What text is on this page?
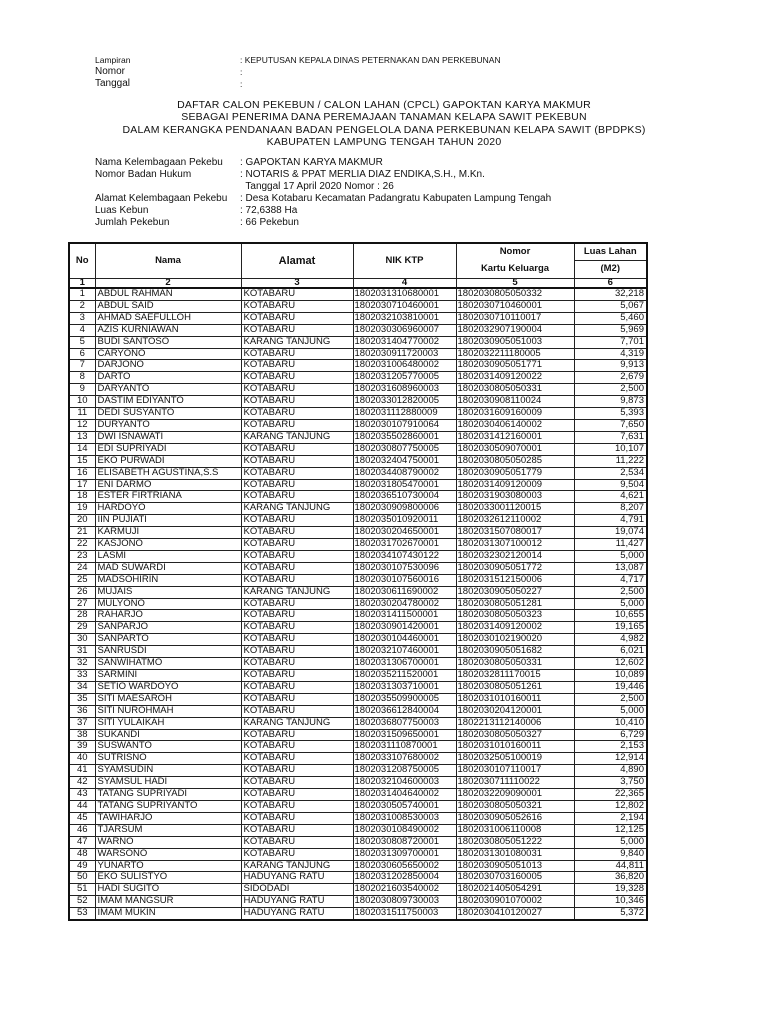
Lampiran	: KEPUTUSAN KEPALA DINAS PETERNAKAN DAN PERKEBUNAN
Nomor	:
Tanggal	:
DAFTAR CALON PEKEBUN / CALON LAHAN (CPCL) GAPOKTAN KARYA MAKMUR
SEBAGAI PENERIMA DANA PEREMAJAAN TANAMAN KELAPA SAWIT PEKEBUN
DALAM KERANGKA PENDANAAN BADAN PENGELOLA DANA PERKEBUNAN KELAPA SAWIT (BPDPKS)
KABUPATEN LAMPUNG TENGAH TAHUN 2020
Nama Kelembagaan Pekebu	: GAPOKTAN KARYA MAKMUR
Nomor Badan Hukum	: NOTARIS & PPAT MERLIA DIAZ ENDIKA,S.H., M.Kn.
Tanggal 17 April 2020 Nomor : 26
Alamat Kelembagaan Pekebu	: Desa Kotabaru Kecamatan Padangratu Kabupaten Lampung Tengah
Luas Kebun	: 72,6388 Ha
Jumlah Pekebun	: 66 Pekebun
No	Nama	Alamat	NIK KTP	Nomor	Luas Lahan
				Kartu Keluarga	(M2)
1	2	3	4	5	6
1	ABDUL RAHMAN	KOTABARU	1802031310680001	1802030805050332	32,218
2	ABDUL SAID	KOTABARU	1802030710460001	1802030710460001	5,067
3	AHMAD SAEFULLOH	KOTABARU	1802032103810001	1802030710110017	5,460
4	AZIS KURNIAWAN	KOTABARU	1802030306960007	1802032907190004	5,969
5	BUDI SANTOSO	KARANG TANJUNG	1802031404770002	1802030905051003	7,701
6	CARYONO	KOTABARU	1802030911720003	1802032211180005	4,319
7	DARJONO	KOTABARU	1802031006480002	1802030905051771	9,913
8	DARTO	KOTABARU	1802031205770005	1802031409120022	2,679
9	DARYANTO	KOTABARU	1802031608960003	1802030805050331	2,500
10	DASTIM EDIYANTO	KOTABARU	1802033012820005	1802030908110024	9,873
11	DEDI SUSYANTO	KOTABARU	1802031112880009	1802031609160009	5,393
12	DURYANTO	KOTABARU	1802030107910064	1802030406140002	7,650
13	DWI ISNAWATI	KARANG TANJUNG	1802035502860001	1802031412160001	7,631
14	EDI SUPRIYADI	KOTABARU	1802030807750005	1802030509070001	10,107
15	EKO PURWADI	KOTABARU	1802032404750001	1802030805050285	11,222
16	ELISABETH AGUSTINA,S.S	KOTABARU	1802034408790002	1802030905051779	2,534
17	ENI DARMO	KOTABARU	1802031805470001	1802031409120009	9,504
18	ESTER FIRTRIANA	KOTABARU	1802036510730004	1802031903080003	4,621
19	HARDOYO	KARANG TANJUNG	1802030909800006	1802033001120015	8,207
20	IIN PUJIATI	KOTABARU	1802035010920011	1802032612110002	4,791
21	KARMUJI	KOTABARU	1802030204650001	1802031507080017	19,074
22	KASJONO	KOTABARU	1802031702670001	1802031307100012	11,427
23	LASMI	KOTABARU	1802034107430122	1802032302120014	5,000
24	MAD SUWARDI	KOTABARU	1802030107530096	1802030905051772	13,087
25	MADSOHIRIN	KOTABARU	1802030107560016	1802031512150006	4,717
26	MUJAIS	KARANG TANJUNG	1802030611690002	1802030905050227	2,500
27	MULYONO	KOTABARU	1802030204780002	1802030805051281	5,000
28	RAHARJO	KOTABARU	1802031411500001	1802030805050323	10,655
29	SANPARJO	KOTABARU	1802030901420001	1802031409120002	19,165
30	SANPARTO	KOTABARU	1802030104460001	1802030102190020	4,982
31	SANRUSDI	KOTABARU	1802032107460001	1802030905051682	6,021
32	SANWIHATMO	KOTABARU	1802031306700001	1802030805050331	12,602
33	SARMINI	KOTABARU	1802035211520001	1802032811170015	10,089
34	SETIO WARDOYO	KOTABARU	1802031303710001	1802030805051261	19,446
35	SITI MAESAROH	KOTABARU	1802035509900005	1802031010160011	2,500
36	SITI NUROHMAH	KOTABARU	1802036612840004	1802030204120001	5,000
37	SITI YULAIKAH	KARANG TANJUNG	1802036807750003	1802213112140006	10,410
38	SUKANDI	KOTABARU	1802031509650001	1802030805050327	6,729
39	SUSWANTO	KOTABARU	1802031110870001	1802031010160011	2,153
40	SUTRISNO	KOTABARU	1802033107680002	1802032505100019	12,914
41	SYAMSUDIN	KOTABARU	1802031208750005	1802030107110017	4,890
42	SYAMSUL HADI	KOTABARU	1802032104600003	1802030711110022	3,750
43	TATANG SUPRIYADI	KOTABARU	1802031404640002	1802032209090001	22,365
44	TATANG SUPRIYANTO	KOTABARU	1802030505740001	1802030805050321	12,802
45	TAWIHARJO	KOTABARU	1802031008530003	1802030905052616	2,194
46	TJARSUM	KOTABARU	1802030108490002	1802031006110008	12,125
47	WARNO	KOTABARU	1802030808720001	1802030805051222	5,000
48	WARSONO	KOTABARU	1802031309700001	1802031301080031	9,840
49	YUNARTO	KARANG TANJUNG	1802030605650002	1802030905051013	44,811
50	EKO SULISTYO	HADUYANG RATU	1802031202850004	1802030703160005	36,820
51	HADI SUGITO	SIDODADI	1802021603540002	1802021405054291	19,328
52	IMAM MANGSUR	HADUYANG RATU	1802030809730003	1802030901070002	10,346
53	IMAM MUKIN	HADUYANG RATU	1802031511750003	1802030410120027	5,372
